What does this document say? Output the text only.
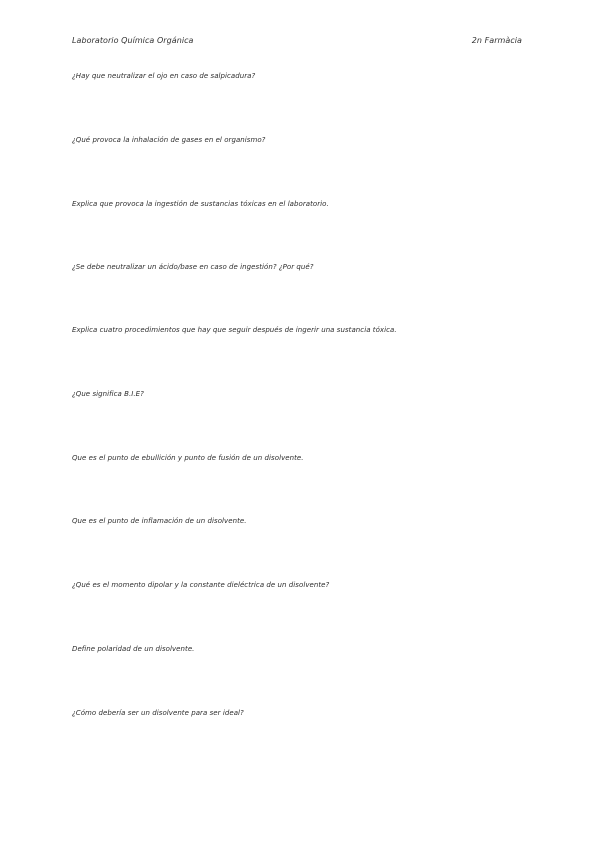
Laboratorio Química Orgánica	2n Farmàcia
¿Hay que neutralizar el ojo en caso de salpicadura?
¿Qué provoca la inhalación de gases en el organismo?
Explica que provoca la ingestión de sustancias tóxicas en el laboratorio.
¿Se debe neutralizar un ácido/base en caso de ingestión? ¿Por qué?
Explica cuatro procedimientos que hay que seguir después de ingerir una sustancia tóxica.
¿Que significa B.I.E?
Que es el punto de ebullición y punto de fusión de un disolvente.
Que es el punto de inflamación de un disolvente.
¿Qué es el momento dipolar y la constante dieléctrica de un disolvente?
Define polaridad de un disolvente.
¿Cómo debería ser un disolvente para ser ideal?
